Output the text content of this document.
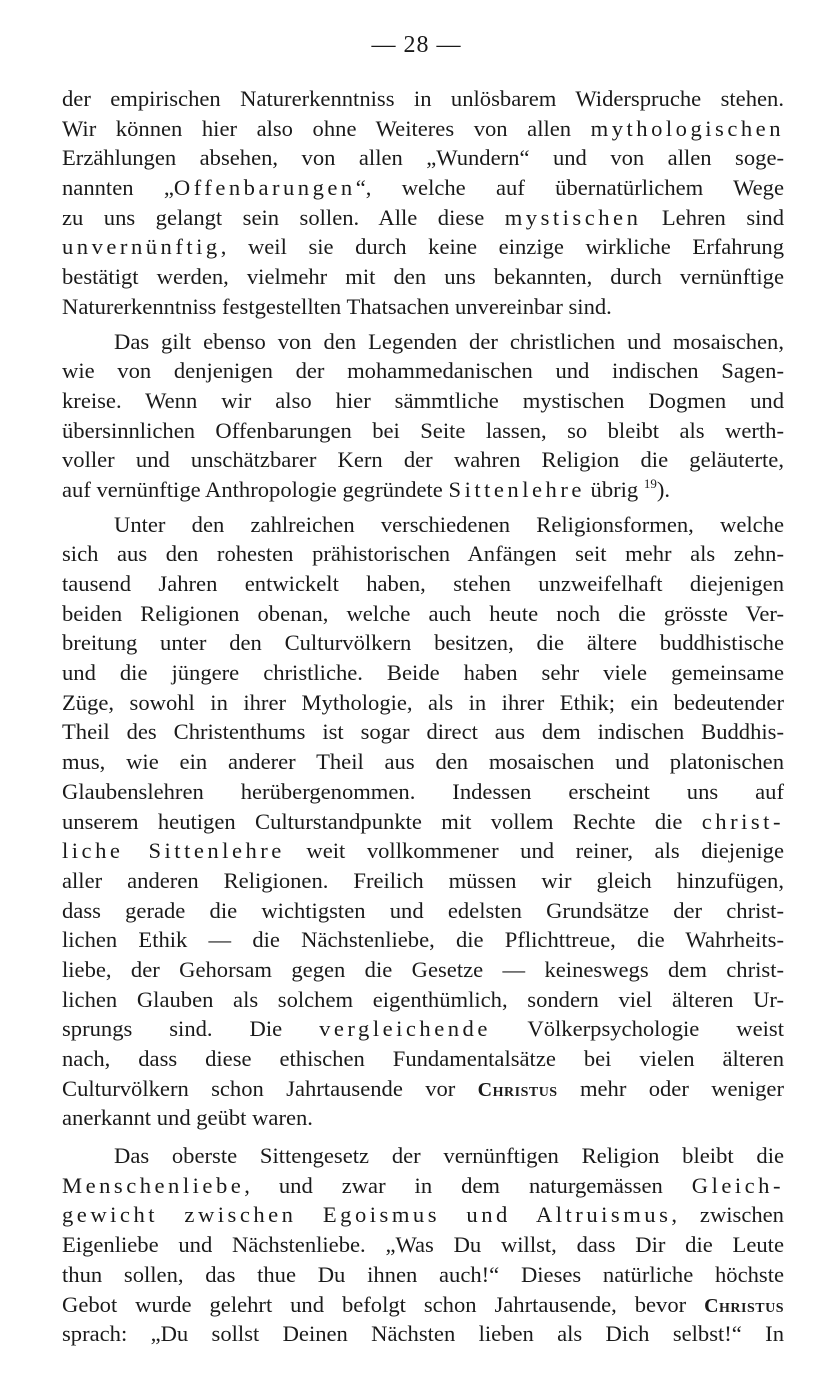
— 28 —
der empirischen Naturerkenntniss in unlösbarem Widerspruche stehen.
Wir können hier also ohne Weiteres von allen mythologischen
Erzählungen absehen, von allen „Wundern“ und von allen soge-
nannten „Offenbarungen“, welche auf übernatürlichem Wege
zu uns gelangt sein sollen. Alle diese mystischen Lehren sind
unvernünftig, weil sie durch keine einzige wirkliche Erfahrung
bestätigt werden, vielmehr mit den uns bekannten, durch vernünftige
Naturerkenntniss festgestellten Thatsachen unvereinbar sind.
Das gilt ebenso von den Legenden der christlichen und mosaischen,
wie von denjenigen der mohammedanischen und indischen Sagen-
kreise. Wenn wir also hier sämmtliche mystischen Dogmen und
übersinnlichen Offenbarungen bei Seite lassen, so bleibt als werth-
voller und unschätzbarer Kern der wahren Religion die geläuterte,
auf vernünftige Anthropologie gegründete Sittenlehre übrig $^{19}$).
Unter den zahlreichen verschiedenen Religionsformen, welche
sich aus den rohesten prähistorischen Anfängen seit mehr als zehn-
tausend Jahren entwickelt haben, stehen unzweifelhaft diejenigen
beiden Religionen obenan, welche auch heute noch die grösste Ver-
breitung unter den Culturvölkern besitzen, die ältere buddhistische
und die jüngere christliche. Beide haben sehr viele gemeinsame
Züge, sowohl in ihrer Mythologie, als in ihrer Ethik; ein bedeutender
Theil des Christenthums ist sogar direct aus dem indischen Buddhis-
mus, wie ein anderer Theil aus den mosaischen und platonischen
Glaubenslehren herübergenommen. Indessen erscheint uns auf
unserem heutigen Culturstandpunkte mit vollem Rechte die christ-
liche Sittenlehre weit vollkommener und reiner, als diejenige
aller anderen Religionen. Freilich müssen wir gleich hinzufügen,
dass gerade die wichtigsten und edelsten Grundsätze der christ-
lichen Ethik — die Nächstenliebe, die Pflichttreue, die Wahrheits-
liebe, der Gehorsam gegen die Gesetze — keineswegs dem christ-
lichen Glauben als solchem eigenthümlich, sondern viel älteren Ur-
sprungs sind. Die vergleichende Völkerpsychologie weist
nach, dass diese ethischen Fundamentalsätze bei vielen älteren
Culturvölkern schon Jahrtausende vor Christus mehr oder weniger
anerkannt und geübt waren.
Das oberste Sittengesetz der vernünftigen Religion bleibt die
Menschenliebe, und zwar in dem naturgemässen Gleich-
gewicht zwischen Egoismus und Altruismus, zwischen
Eigenliebe und Nächstenliebe. „Was Du willst, dass Dir die Leute
thun sollen, das thue Du ihnen auch!“ Dieses natürliche höchste
Gebot wurde gelehrt und befolgt schon Jahrtausende, bevor Christus
sprach: „Du sollst Deinen Nächsten lieben als Dich selbst!“ In
